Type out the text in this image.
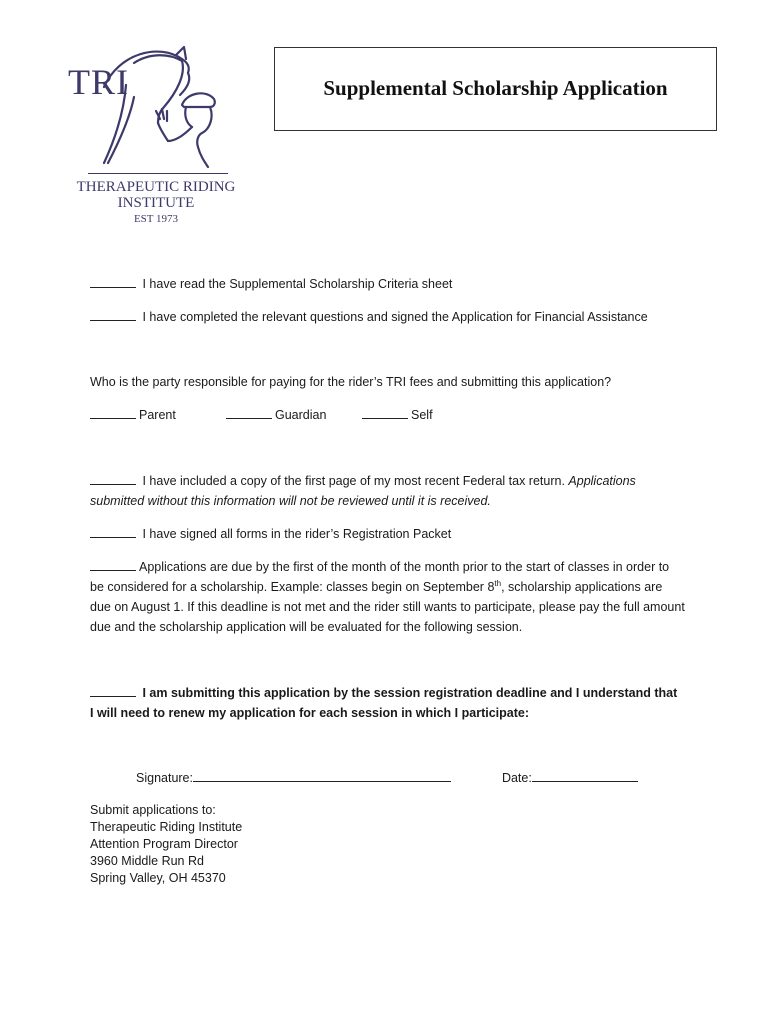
TRI
THERAPEUTIC RIDING
INSTITUTE
EST 1973
Supplemental Scholarship Application
I have read the Supplemental Scholarship Criteria sheet
I have completed the relevant questions and signed the Application for Financial Assistance
Who is the party responsible for paying for the rider’s TRI fees and submitting this application?
Parent	Guardian	Self
I have included a copy of the first page of my most recent Federal tax return. Applications submitted without this information will not be reviewed until it is received.
I have signed all forms in the rider’s Registration Packet
Applications are due by the first of the month of the month prior to the start of classes in order to be considered for a scholarship. Example: classes begin on September 8th, scholarship applications are due on August 1. If this deadline is not met and the rider still wants to participate, please pay the full amount due and the scholarship application will be evaluated for the following session.
I am submitting this application by the session registration deadline and I understand that I will need to renew my application for each session in which I participate:
Signature:	Date:
Submit applications to:
Therapeutic Riding Institute
Attention Program Director
3960 Middle Run Rd
Spring Valley, OH 45370
